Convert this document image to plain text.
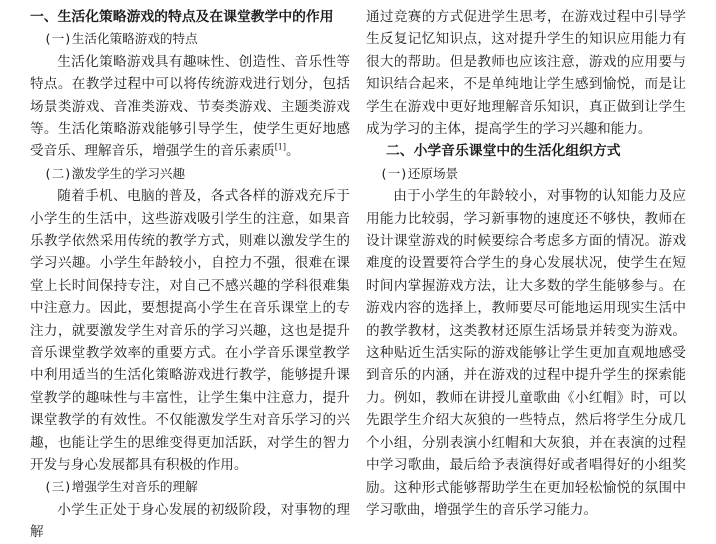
一、生活化策略游戏的特点及在课堂教学中的作用
(一)生活化策略游戏的特点

生活化策略游戏具有趣味性、创造性、音乐性等特点。在教学过程中可以将传统游戏进行划分，包括场景类游戏、音准类游戏、节奏类游戏、主题类游戏等。生活化策略游戏能够引导学生，使学生更好地感受音乐、理解音乐，增强学生的音乐素质[1]。

(二)激发学生的学习兴趣

随着手机、电脑的普及，各式各样的游戏充斥于小学生的生活中，这些游戏吸引学生的注意，如果音乐教学依然采用传统的教学方式，则难以激发学生的学习兴趣。小学生年龄较小，自控力不强，很难在课堂上长时间保持专注，对自己不感兴趣的学科很难集中注意力。因此，要想提高小学生在音乐课堂上的专注力，就要激发学生对音乐的学习兴趣，这也是提升音乐课堂教学效率的重要方式。在小学音乐课堂教学中利用适当的生活化策略游戏进行教学，能够提升课堂教学的趣味性与丰富性，让学生集中注意力，提升课堂教学的有效性。不仅能激发学生对音乐学习的兴趣，也能让学生的思维变得更加活跃，对学生的智力开发与身心发展都具有积极的作用。

(三)增强学生对音乐的理解

小学生正处于身心发展的初级阶段，对事物的理解

通过竞赛的方式促进学生思考，在游戏过程中引导学生反复记忆知识点，这对提升学生的知识应用能力有很大的帮助。但是教师也应该注意，游戏的应用要与知识结合起来，不是单纯地让学生感到愉悦，而是让学生在游戏中更好地理解音乐知识，真正做到让学生成为学习的主体，提高学生的学习兴趣和能力。

二、小学音乐课堂中的生活化组织方式
(一)还原场景

由于小学生的年龄较小，对事物的认知能力及应用能力比较弱，学习新事物的速度还不够快，教师在设计课堂游戏的时候要综合考虑多方面的情况。游戏难度的设置要符合学生的身心发展状况，使学生在短时间内掌握游戏方法，让大多数的学生能够参与。在游戏内容的选择上，教师要尽可能地运用现实生活中的教学教材，这类教材还原生活场景并转变为游戏。这种贴近生活实际的游戏能够让学生更加直观地感受到音乐的内涵，并在游戏的过程中提升学生的探索能力。例如，教师在讲授儿童歌曲《小红帽》时，可以先跟学生介绍大灰狼的一些特点，然后将学生分成几个小组，分别表演小红帽和大灰狼，并在表演的过程中学习歌曲，最后给予表演得好或者唱得好的小组奖励。这种形式能够帮助学生在更加轻松愉悦的氛围中学习歌曲，增强学生的音乐学习能力。
